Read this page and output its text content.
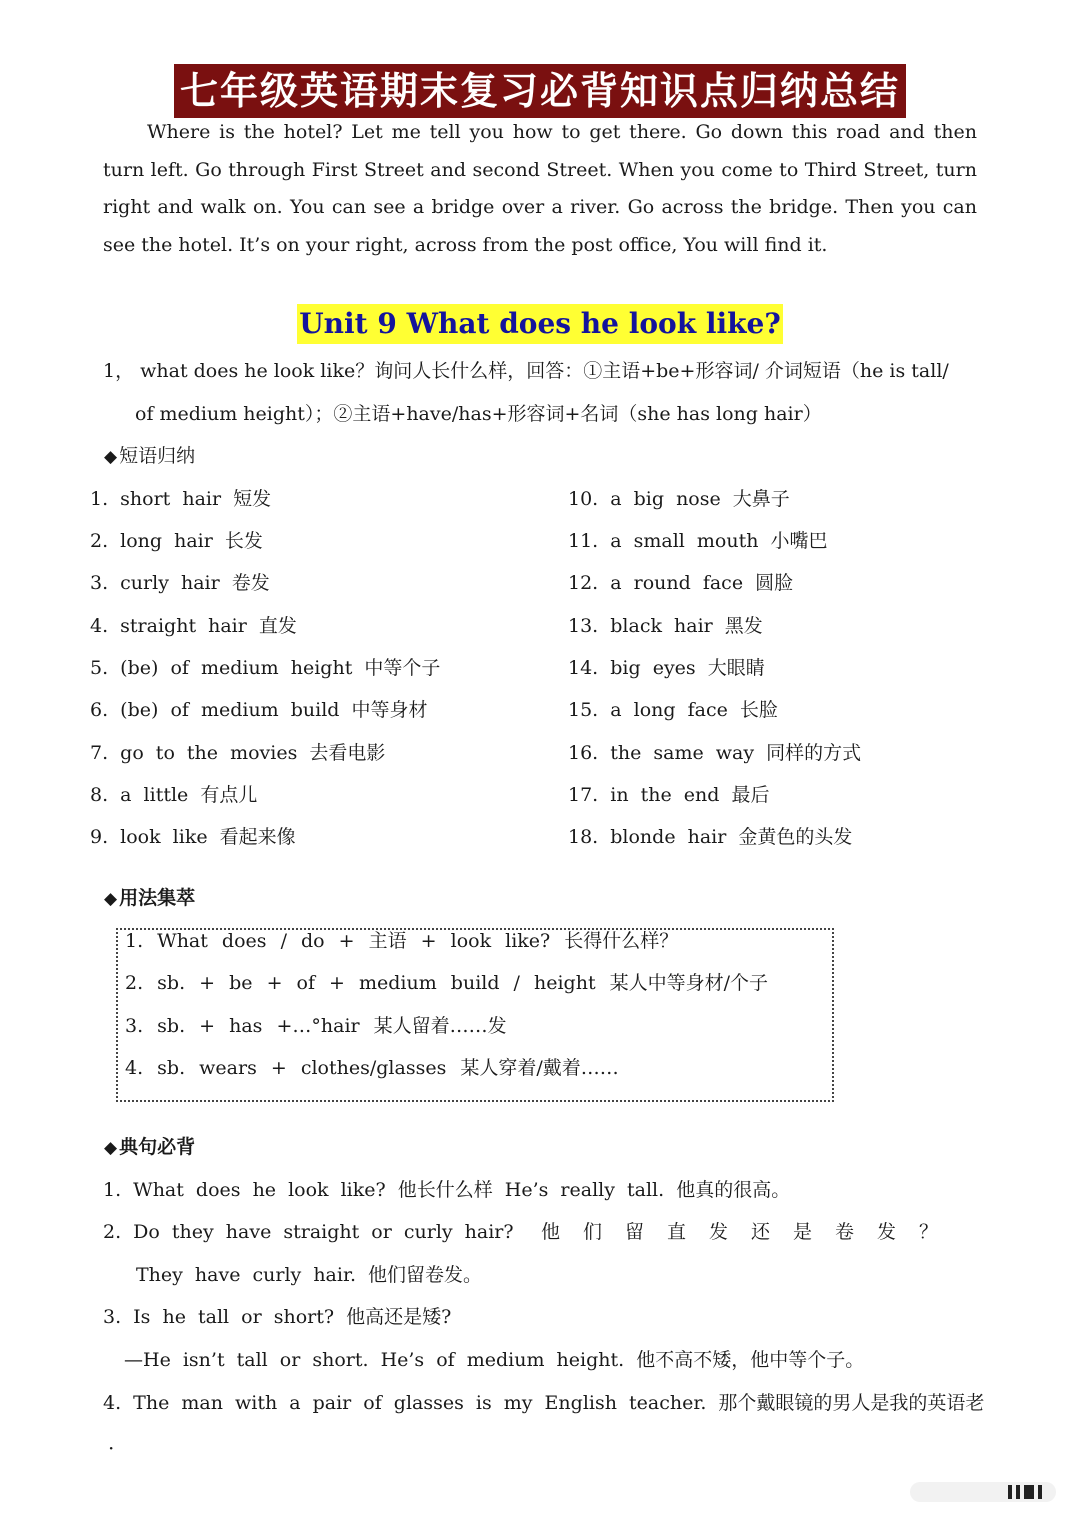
七年级英语期末复习必背知识点归纳总结

Where is the hotel? Let me tell you how to get there. Go down this road and then turn left. Go through First Street and second Street. When you come to Third Street, turn right and walk on. You can see a bridge over a river. Go across the bridge. Then you can see the hotel. It’s on your right, across from the post office, You will find it.

Unit 9 What does he look like?
1， what does he look like？询问人长什么样，回答：①主语+be+形容词/ 介词短语（he is tall/
of medium height）；②主语+have/has+形容词+名词（she has long hair）
◆ 短语归纳
1. short hair 短发
2. long hair 长发
3. curly hair 卷发
4. straight hair 直发
5. (be) of medium height 中等个子
6. (be) of medium build 中等身材
7. go to the movies 去看电影
8. a little 有点儿
9. look like 看起来像
10. a big nose 大鼻子
11. a small mouth 小嘴巴
12. a round face 圆脸
13. black hair 黑发
14. big eyes 大眼睛
15. a long face 长脸
16. the same way 同样的方式
17. in the end 最后
18. blonde hair 金黄色的头发
◆ 用法集萃
1. What does / do + 主语 + look like? 长得什么样？
2. sb. + be + of + medium build / height 某人中等身材/个子
3. sb. + has +…°hair 某人留着……发
4. sb. wears + clothes/glasses 某人穿着/戴着……
◆ 典句必背
1. What does he look like? 他长什么样 He’s really tall. 他真的很高。
2. Do they have straight or curly hair? 他们留直发还是卷发？
They have curly hair. 他们留卷发。
3. Is he tall or short? 他高还是矮?
—He isn’t tall or short. He’s of medium height. 他不高不矮，他中等个子。
4. The man with a pair of glasses is my English teacher. 那个戴眼镜的男人是我的英语老
·
